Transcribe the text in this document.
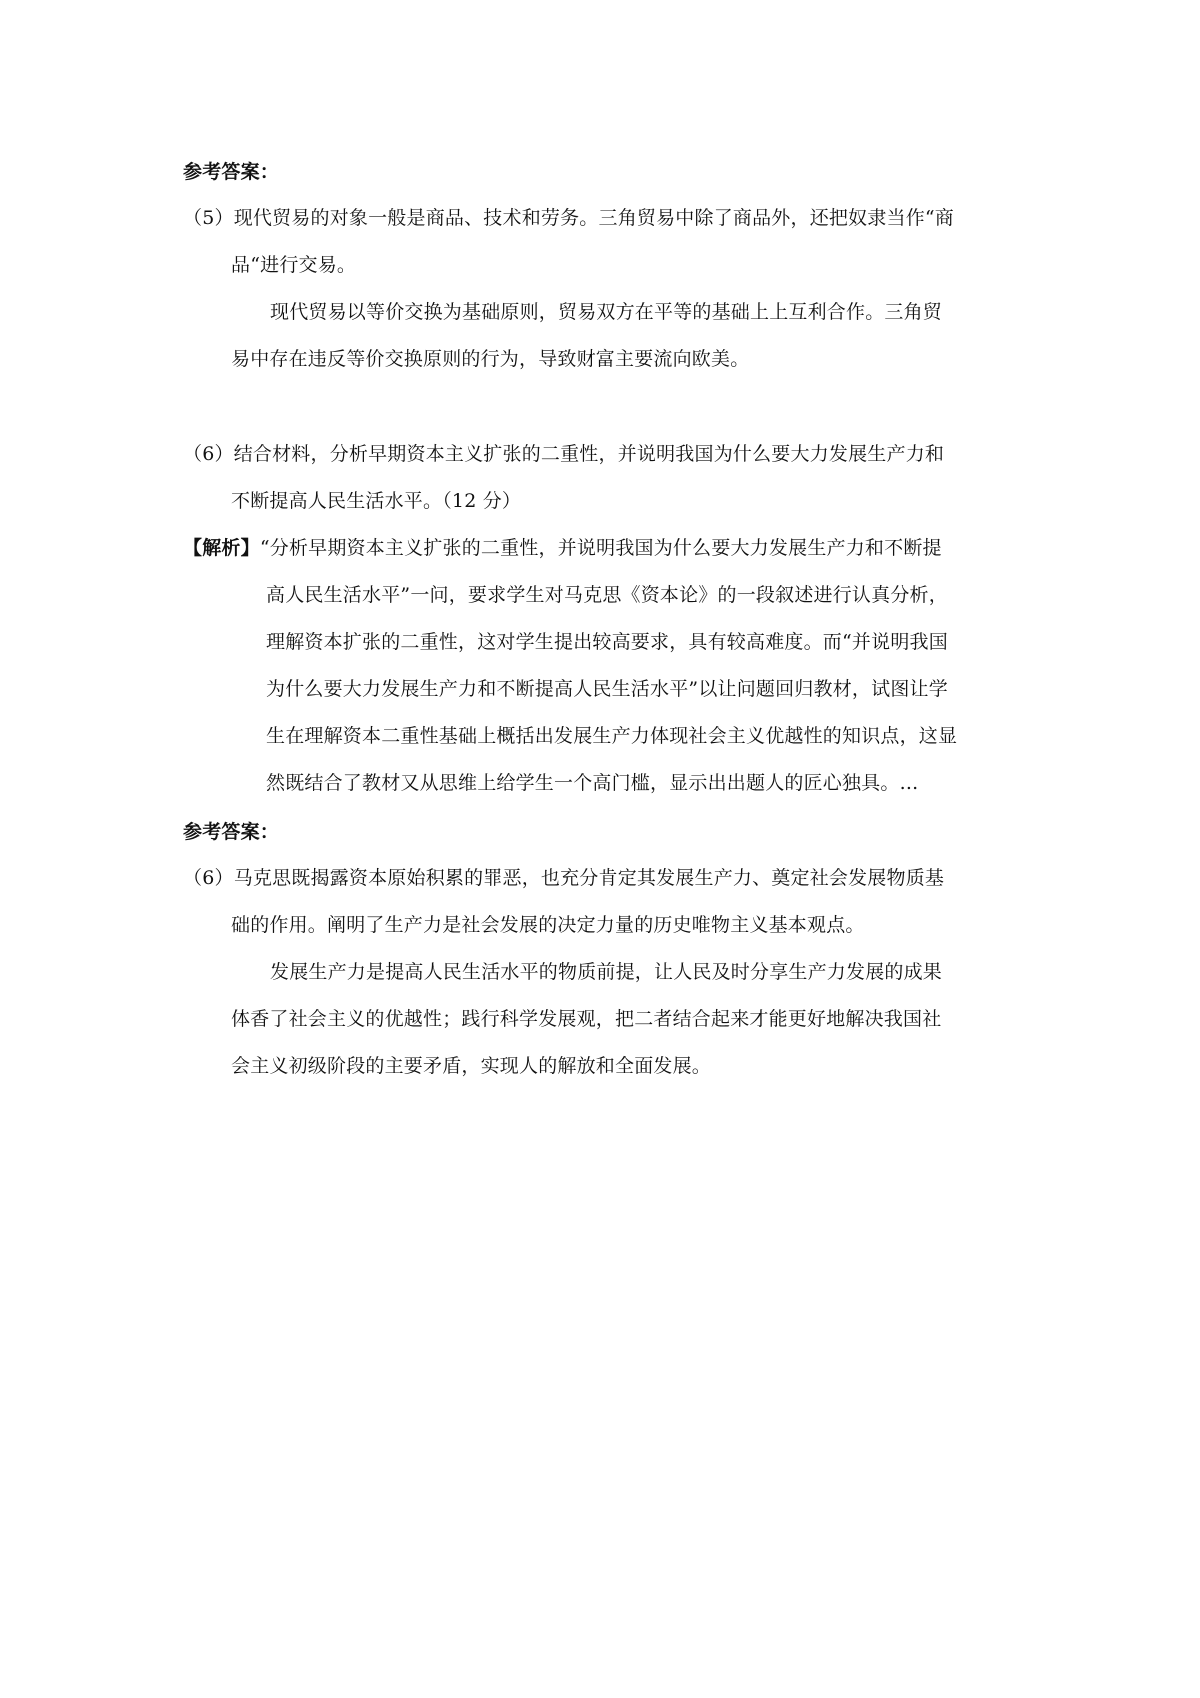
参考答案：
（5）现代贸易的对象一般是商品、技术和劳务。三角贸易中除了商品外，还把奴隶当作“商
品“进行交易。
现代贸易以等价交换为基础原则，贸易双方在平等的基础上上互利合作。三角贸
易中存在违反等价交换原则的行为，导致财富主要流向欧美。
（6）结合材料，分析早期资本主义扩张的二重性，并说明我国为什么要大力发展生产力和
不断提高人民生活水平。（12 分）
【解析】“分析早期资本主义扩张的二重性，并说明我国为什么要大力发展生产力和不断提
高人民生活水平”一问，要求学生对马克思《资本论》的一段叙述进行认真分析，
理解资本扩张的二重性，这对学生提出较高要求，具有较高难度。而“并说明我国
为什么要大力发展生产力和不断提高人民生活水平”以让问题回归教材，试图让学
生在理解资本二重性基础上概括出发展生产力体现社会主义优越性的知识点，这显
然既结合了教材又从思维上给学生一个高门槛，显示出出题人的匠心独具。...
参考答案：
（6）马克思既揭露资本原始积累的罪恶，也充分肯定其发展生产力、奠定社会发展物质基
础的作用。阐明了生产力是社会发展的决定力量的历史唯物主义基本观点。
发展生产力是提高人民生活水平的物质前提，让人民及时分享生产力发展的成果
体香了社会主义的优越性；践行科学发展观，把二者结合起来才能更好地解决我国社
会主义初级阶段的主要矛盾，实现人的解放和全面发展。
